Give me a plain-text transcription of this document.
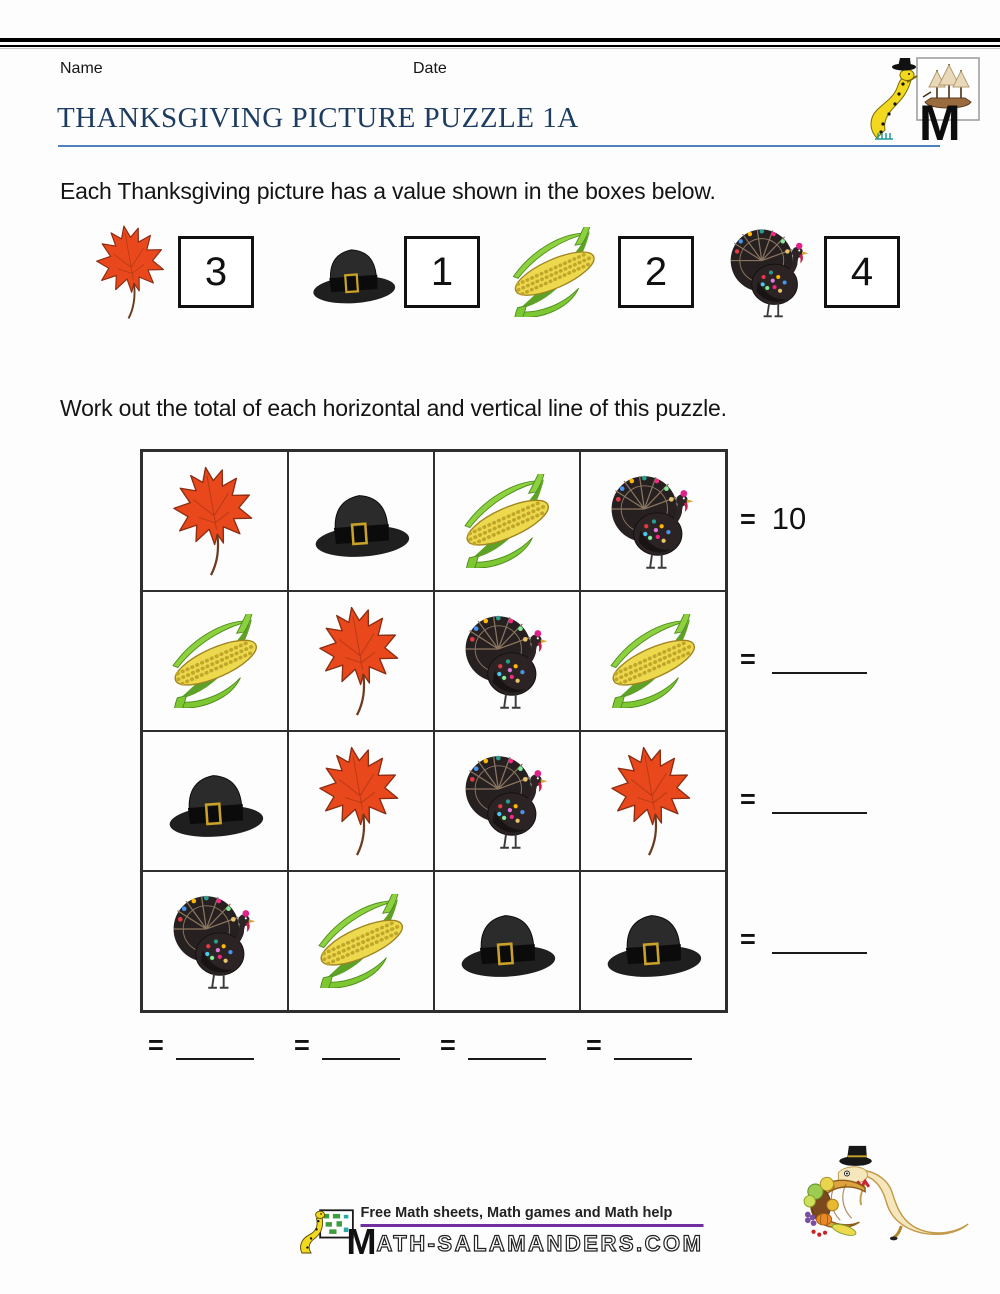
Name	Date
M
THANKSGIVING PICTURE PUZZLE 1A

Each Thanksgiving picture has a value shown in the boxes below.

3	1	2	4

Work out the total of each horizontal and vertical line of this puzzle.

= 10
=
=
=
=	=	=	=
Free Math sheets, Math games and Math help
MATH-SALAMANDERS.COM
